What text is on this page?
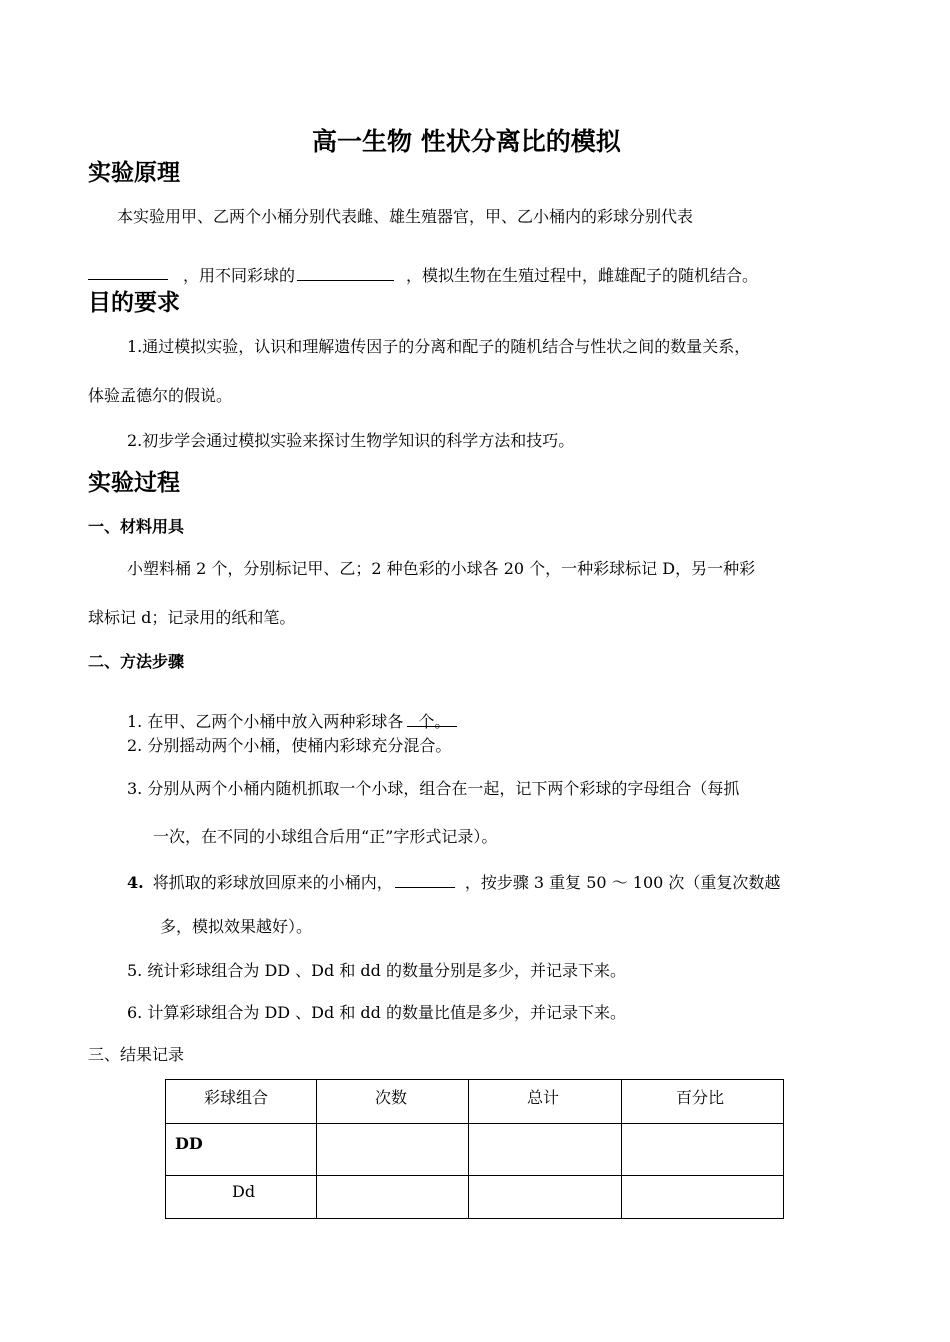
高一生物 性状分离比的模拟
实验原理
本实验用甲、乙两个小桶分别代表雌、雄生殖器官，甲、乙小桶内的彩球分别代表
，用不同彩球的	，模拟生物在生殖过程中，雌雄配子的随机结合。
目的要求
1.通过模拟实验，认识和理解遗传因子的分离和配子的随机结合与性状之间的数量关系，
体验孟德尔的假说。
2.初步学会通过模拟实验来探讨生物学知识的科学方法和技巧。
实验过程
一、材料用具
小塑料桶 2 个，分别标记甲、乙；2 种色彩的小球各 20 个，一种彩球标记 D，另一种彩
球标记 d；记录用的纸和笔。
二、方法步骤
1. 在甲、乙两个小桶中放入两种彩球各 个。
2. 分别摇动两个小桶，使桶内彩球充分混合。
3. 分别从两个小桶内随机抓取一个小球，组合在一起，记下两个彩球的字母组合（每抓
一次，在不同的小球组合后用“正”字形式记录）。
4. 将抓取的彩球放回原来的小桶内，	，按步骤 3 重复 50 ～ 100 次（重复次数越
多，模拟效果越好）。
5. 统计彩球组合为 DD 、Dd 和 dd 的数量分别是多少，并记录下来。
6. 计算彩球组合为 DD 、Dd 和 dd 的数量比值是多少，并记录下来。
三、结果记录
彩球组合	次数	总计	百分比
DD			
Dd			
